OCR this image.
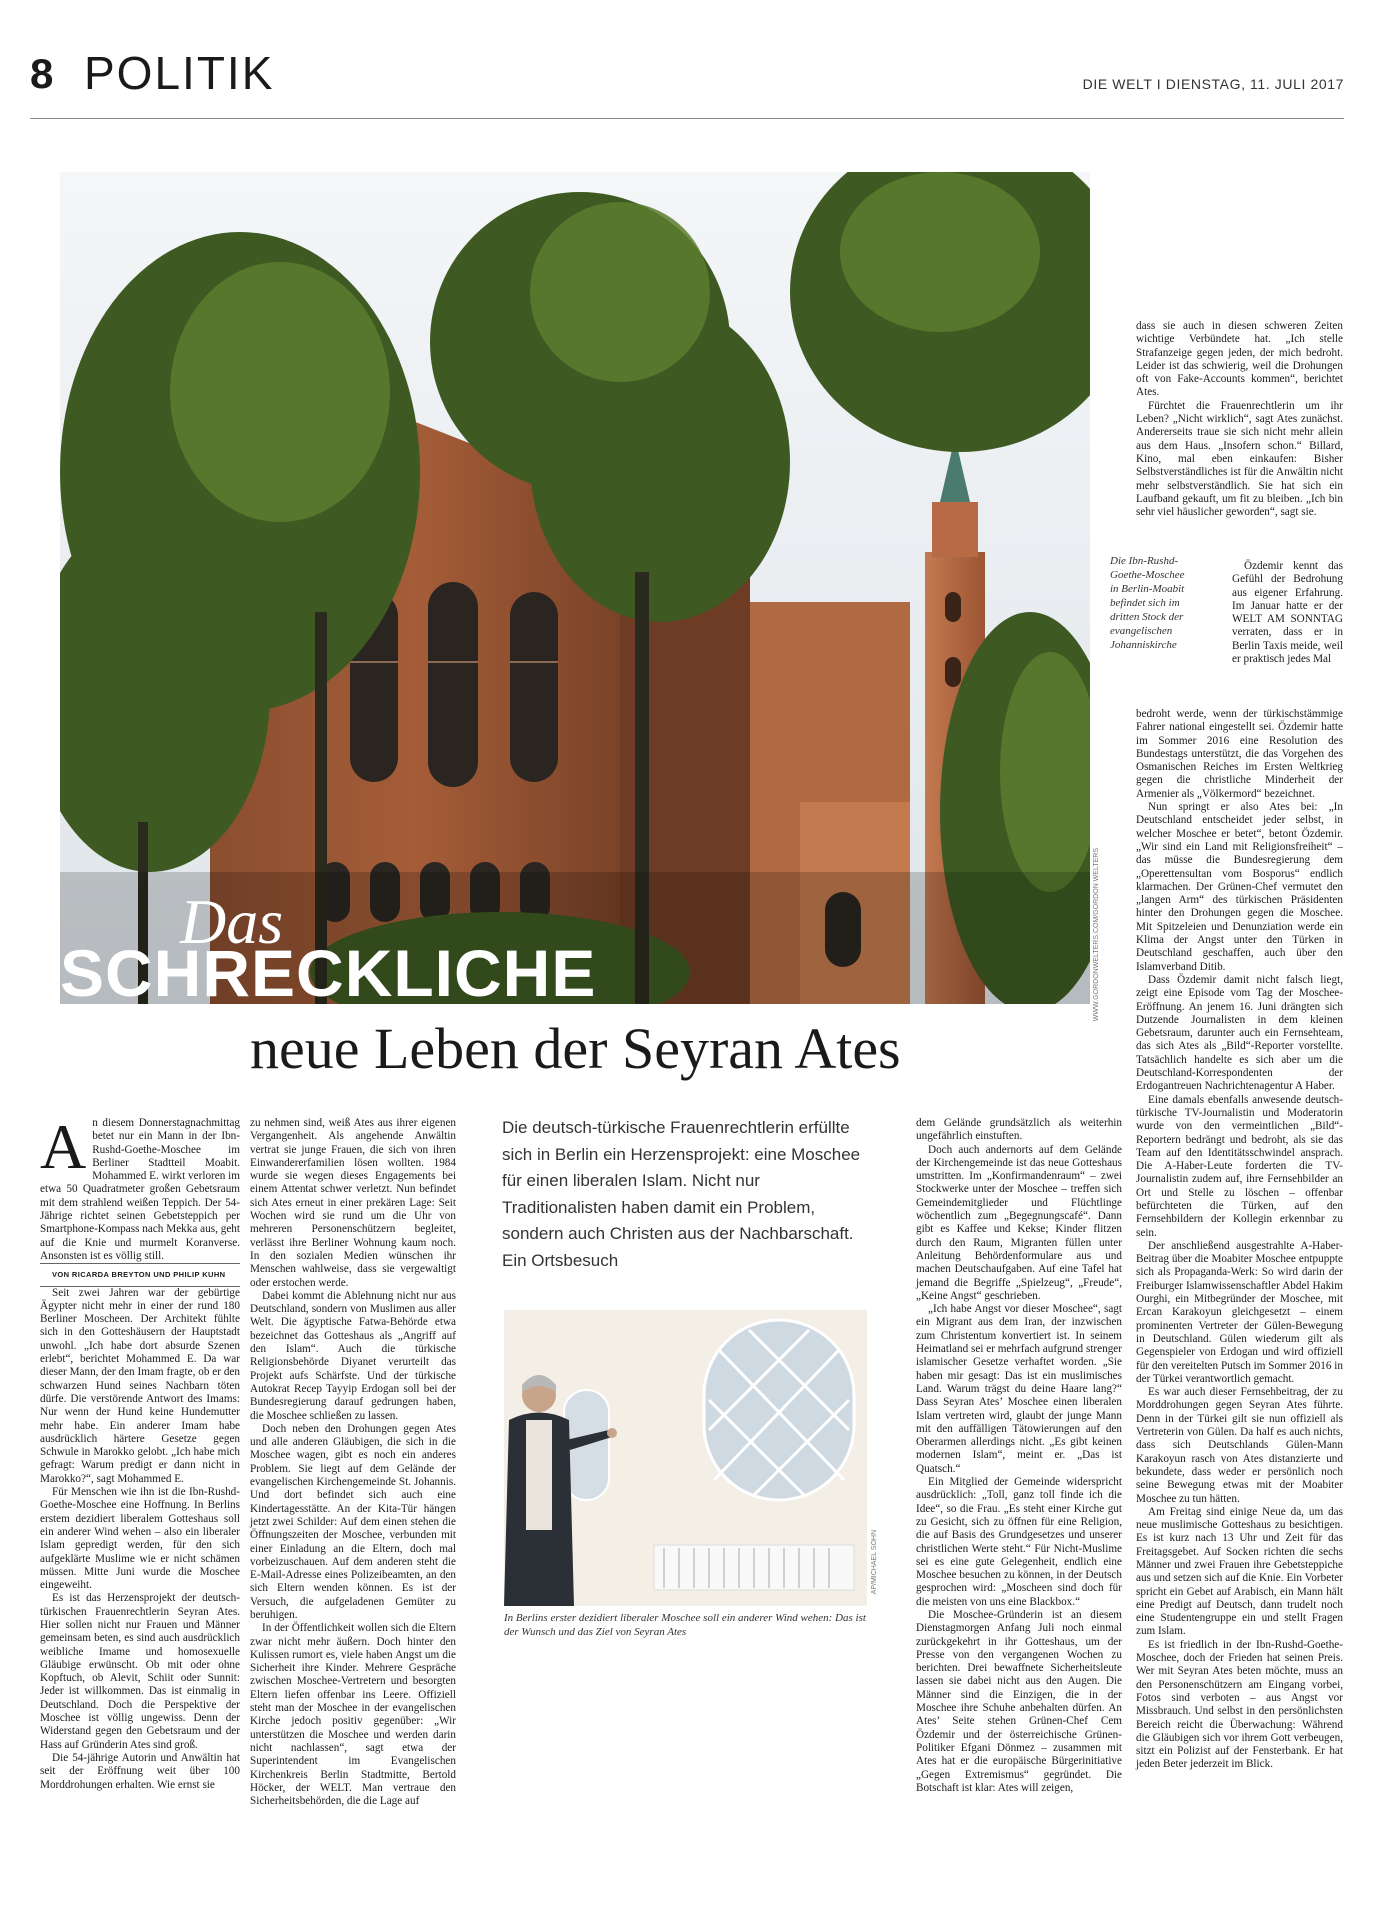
8 POLITIK	DIE WELT I DIENSTAG, 11. JULI 2017
WWW.GORDONWELTERS.COM/GORDON WELTERS
Das
SCHRECKLICHE
neue Leben der Seyran Ates
Die Ibn-Rushd-Goethe-Moschee in Berlin-Moabit befindet sich im dritten Stock der evangelischen Johanniskirche

An diesem Donnerstagnachmittag betet nur ein Mann in der Ibn-Rushd-Goethe-Moschee im Berliner Stadtteil Moabit. Mohammed E. wirkt verloren im etwa 50 Quadratmeter großen Gebetsraum mit dem strahlend weißen Teppich. Der 54-Jährige richtet seinen Gebetsteppich per Smartphone-Kompass nach Mekka aus, geht auf die Knie und murmelt Koranverse. Ansonsten ist es völlig still.

VON RICARDA BREYTON UND PHILIP KUHN

Seit zwei Jahren war der gebürtige Ägypter nicht mehr in einer der rund 180 Berliner Moscheen. Der Architekt fühlte sich in den Gotteshäusern der Hauptstadt unwohl. „Ich habe dort absurde Szenen erlebt“, berichtet Mohammed E. Da war dieser Mann, der den Imam fragte, ob er den schwarzen Hund seines Nachbarn töten dürfe. Die verstörende Antwort des Imams: Nur wenn der Hund keine Hundemutter mehr habe. Ein anderer Imam habe ausdrücklich härtere Gesetze gegen Schwule in Marokko gelobt. „Ich habe mich gefragt: Warum predigt er dann nicht in Marokko?“, sagt Mohammed E.

Für Menschen wie ihn ist die Ibn-Rushd-Goethe-Moschee eine Hoffnung. In Berlins erstem dezidiert liberalem Gotteshaus soll ein anderer Wind wehen – also ein liberaler Islam gepredigt werden, für den sich aufgeklärte Muslime wie er nicht schämen müssen. Mitte Juni wurde die Moschee eingeweiht.

Es ist das Herzensprojekt der deutsch-türkischen Frauenrechtlerin Seyran Ates. Hier sollen nicht nur Frauen und Männer gemeinsam beten, es sind auch ausdrücklich weibliche Imame und homosexuelle Gläubige erwünscht. Ob mit oder ohne Kopftuch, ob Alevit, Schiit oder Sunnit: Jeder ist willkommen. Das ist einmalig in Deutschland. Doch die Perspektive der Moschee ist völlig ungewiss. Denn der Widerstand gegen den Gebetsraum und der Hass auf Gründerin Ates sind groß.

Die 54-jährige Autorin und Anwältin hat seit der Eröffnung weit über 100 Morddrohungen erhalten. Wie ernst sie

zu nehmen sind, weiß Ates aus ihrer eigenen Vergangenheit. Als angehende Anwältin vertrat sie junge Frauen, die sich von ihren Einwandererfamilien lösen wollten. 1984 wurde sie wegen dieses Engagements bei einem Attentat schwer verletzt. Nun befindet sich Ates erneut in einer prekären Lage: Seit Wochen wird sie rund um die Uhr von mehreren Personenschützern begleitet, verlässt ihre Berliner Wohnung kaum noch. In den sozialen Medien wünschen ihr Menschen wahlweise, dass sie vergewaltigt oder erstochen werde.

Dabei kommt die Ablehnung nicht nur aus Deutschland, sondern von Muslimen aus aller Welt. Die ägyptische Fatwa-Behörde etwa bezeichnet das Gotteshaus als „Angriff auf den Islam“. Auch die türkische Religionsbehörde Diyanet verurteilt das Projekt aufs Schärfste. Und der türkische Autokrat Recep Tayyip Erdogan soll bei der Bundesregierung darauf gedrungen haben, die Moschee schließen zu lassen.

Doch neben den Drohungen gegen Ates und alle anderen Gläubigen, die sich in die Moschee wagen, gibt es noch ein anderes Problem. Sie liegt auf dem Gelände der evangelischen Kirchengemeinde St. Johannis. Und dort befindet sich auch eine Kindertagesstätte. An der Kita-Tür hängen jetzt zwei Schilder: Auf dem einen stehen die Öffnungszeiten der Moschee, verbunden mit einer Einladung an die Eltern, doch mal vorbeizuschauen. Auf dem anderen steht die E-Mail-Adresse eines Polizeibeamten, an den sich Eltern wenden können. Es ist der Versuch, die aufgeladenen Gemüter zu beruhigen.

In der Öffentlichkeit wollen sich die Eltern zwar nicht mehr äußern. Doch hinter den Kulissen rumort es, viele haben Angst um die Sicherheit ihre Kinder. Mehrere Gespräche zwischen Moschee-Vertretern und besorgten Eltern liefen offenbar ins Leere. Offiziell steht man der Moschee in der evangelischen Kirche jedoch positiv gegenüber: „Wir unterstützen die Moschee und werden darin nicht nachlassen“, sagt etwa der Superintendent im Evangelischen Kirchenkreis Berlin Stadtmitte, Bertold Höcker, der WELT. Man vertraue den Sicherheitsbehörden, die die Lage auf

Die deutsch-türkische Frauenrechtlerin erfüllte sich in Berlin ein Herzensprojekt: eine Moschee für einen liberalen Islam. Nicht nur Traditionalisten haben damit ein Problem, sondern auch Christen aus der Nachbarschaft. Ein Ortsbesuch
AP/MICHAEL SOHN
In Berlins erster dezidiert liberaler Moschee soll ein anderer Wind wehen: Das ist der Wunsch und das Ziel von Seyran Ates

dem Gelände grundsätzlich als weiterhin ungefährlich einstuften.

Doch auch andernorts auf dem Gelände der Kirchengemeinde ist das neue Gotteshaus umstritten. Im „Konfirmandenraum“ – zwei Stockwerke unter der Moschee – treffen sich Gemeindemitglieder und Flüchtlinge wöchentlich zum „Begegnungscafé“. Dann gibt es Kaffee und Kekse; Kinder flitzen durch den Raum, Migranten füllen unter Anleitung Behördenformulare aus und machen Deutschaufgaben. Auf eine Tafel hat jemand die Begriffe „Spielzeug“, „Freude“, „Keine Angst“ geschrieben.

„Ich habe Angst vor dieser Moschee“, sagt ein Migrant aus dem Iran, der inzwischen zum Christentum konvertiert ist. In seinem Heimatland sei er mehrfach aufgrund strenger islamischer Gesetze verhaftet worden. „Sie haben mir gesagt: Das ist ein muslimisches Land. Warum trägst du deine Haare lang?“ Dass Seyran Ates’ Moschee einen liberalen Islam vertreten wird, glaubt der junge Mann mit den auffälligen Tätowierungen auf den Oberarmen allerdings nicht. „Es gibt keinen modernen Islam“, meint er. „Das ist Quatsch.“

Ein Mitglied der Gemeinde widerspricht ausdrücklich: „Toll, ganz toll finde ich die Idee“, so die Frau. „Es steht einer Kirche gut zu Gesicht, sich zu öffnen für eine Religion, die auf Basis des Grundgesetzes und unserer christlichen Werte steht.“ Für Nicht-Muslime sei es eine gute Gelegenheit, endlich eine Moschee besuchen zu können, in der Deutsch gesprochen wird: „Moscheen sind doch für die meisten von uns eine Blackbox.“

Die Moschee-Gründerin ist an diesem Dienstagmorgen Anfang Juli noch einmal zurückgekehrt in ihr Gotteshaus, um der Presse von den vergangenen Wochen zu berichten. Drei bewaffnete Sicherheitsleute lassen sie dabei nicht aus den Augen. Die Männer sind die Einzigen, die in der Moschee ihre Schuhe anbehalten dürfen. An Ates’ Seite stehen Grünen-Chef Cem Özdemir und der österreichische Grünen-Politiker Efgani Dönmez – zusammen mit Ates hat er die europäische Bürgerinitiative „Gegen Extremismus“ gegründet. Die Botschaft ist klar: Ates will zeigen,

dass sie auch in diesen schweren Zeiten wichtige Verbündete hat. „Ich stelle Strafanzeige gegen jeden, der mich bedroht. Leider ist das schwierig, weil die Drohungen oft von Fake-Accounts kommen“, berichtet Ates.

Fürchtet die Frauenrechtlerin um ihr Leben? „Nicht wirklich“, sagt Ates zunächst. Andererseits traue sie sich nicht mehr allein aus dem Haus. „Insofern schon.“ Billard, Kino, mal eben einkaufen: Bisher Selbstverständliches ist für die Anwältin nicht mehr selbstverständlich. Sie hat sich ein Laufband gekauft, um fit zu bleiben. „Ich bin sehr viel häuslicher geworden“, sagt sie.

Özdemir kennt das Gefühl der Bedrohung aus eigener Erfahrung. Im Januar hatte er der WELT AM SONNTAG verraten, dass er in Berlin Taxis meide, weil er praktisch jedes Mal

bedroht werde, wenn der türkischstämmige Fahrer national eingestellt sei. Özdemir hatte im Sommer 2016 eine Resolution des Bundestags unterstützt, die das Vorgehen des Osmanischen Reiches im Ersten Weltkrieg gegen die christliche Minderheit der Armenier als „Völkermord“ bezeichnet.

Nun springt er also Ates bei: „In Deutschland entscheidet jeder selbst, in welcher Moschee er betet“, betont Özdemir. „Wir sind ein Land mit Religionsfreiheit“ – das müsse die Bundesregierung dem „Operettensultan vom Bosporus“ endlich klarmachen. Der Grünen-Chef vermutet den „langen Arm“ des türkischen Präsidenten hinter den Drohungen gegen die Moschee. Mit Spitzeleien und Denunziation werde ein Klima der Angst unter den Türken in Deutschland geschaffen, auch über den Islamverband Ditib.

Dass Özdemir damit nicht falsch liegt, zeigt eine Episode vom Tag der Moschee-Eröffnung. An jenem 16. Juni drängten sich Dutzende Journalisten in dem kleinen Gebetsraum, darunter auch ein Fernsehteam, das sich Ates als „Bild“-Reporter vorstellte. Tatsächlich handelte es sich aber um die Deutschland-Korrespondenten der Erdogantreuen Nachrichtenagentur A Haber.

Eine damals ebenfalls anwesende deutsch-türkische TV-Journalistin und Moderatorin wurde von den vermeintlichen „Bild“-Reportern bedrängt und bedroht, als sie das Team auf den Identitätsschwindel ansprach. Die A-Haber-Leute forderten die TV-Journalistin zudem auf, ihre Fernsehbilder an Ort und Stelle zu löschen – offenbar befürchteten die Türken, auf den Fernsehbildern der Kollegin erkennbar zu sein.

Der anschließend ausgestrahlte A-Haber-Beitrag über die Moabiter Moschee entpuppte sich als Propaganda-Werk: So wird darin der Freiburger Islamwissenschaftler Abdel Hakim Ourghi, ein Mitbegründer der Moschee, mit Ercan Karakoyun gleichgesetzt – einem prominenten Vertreter der Gülen-Bewegung in Deutschland. Gülen wiederum gilt als Gegenspieler von Erdogan und wird offiziell für den vereitelten Putsch im Sommer 2016 in der Türkei verantwortlich gemacht.

Es war auch dieser Fernsehbeitrag, der zu Morddrohungen gegen Seyran Ates führte. Denn in der Türkei gilt sie nun offiziell als Vertreterin von Gülen. Da half es auch nichts, dass sich Deutschlands Gülen-Mann Karakoyun rasch von Ates distanzierte und bekundete, dass weder er persönlich noch seine Bewegung etwas mit der Moabiter Moschee zu tun hätten.

Am Freitag sind einige Neue da, um das neue muslimische Gotteshaus zu besichtigen. Es ist kurz nach 13 Uhr und Zeit für das Freitagsgebet. Auf Socken richten die sechs Männer und zwei Frauen ihre Gebetsteppiche aus und setzen sich auf die Knie. Ein Vorbeter spricht ein Gebet auf Arabisch, ein Mann hält eine Predigt auf Deutsch, dann trudelt noch eine Studentengruppe ein und stellt Fragen zum Islam.

Es ist friedlich in der Ibn-Rushd-Goethe-Moschee, doch der Frieden hat seinen Preis. Wer mit Seyran Ates beten möchte, muss an den Personenschützern am Eingang vorbei, Fotos sind verboten – aus Angst vor Missbrauch. Und selbst in den persönlichsten Bereich reicht die Überwachung: Während die Gläubigen sich vor ihrem Gott verbeugen, sitzt ein Polizist auf der Fensterbank. Er hat jeden Beter jederzeit im Blick.
